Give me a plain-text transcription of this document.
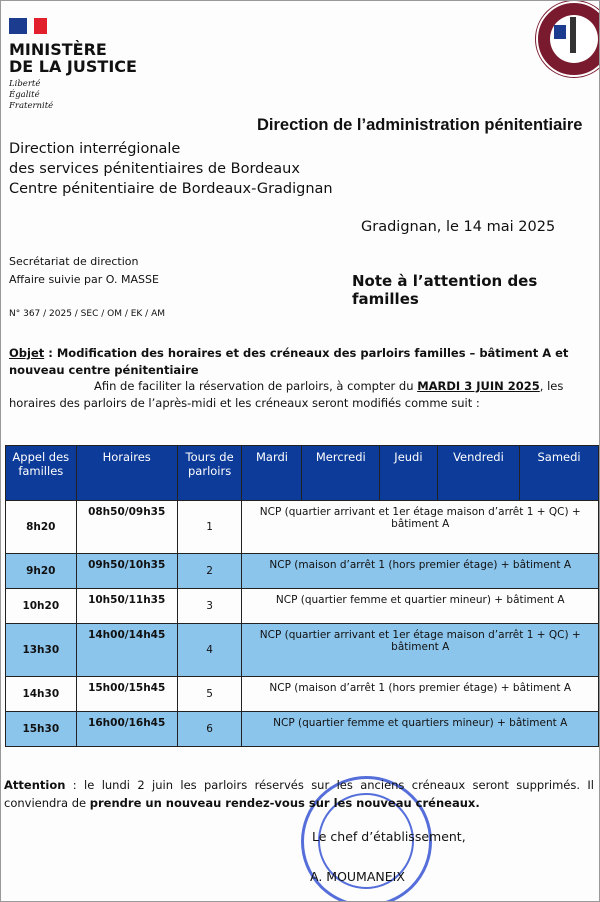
MINISTÈRE
DE LA JUSTICE
Liberté
Égalité
Fraternité
Direction de l’administration pénitentiaire
Direction interrégionale
des services pénitentiaires de Bordeaux
Centre pénitentiaire de Bordeaux-Gradignan
Gradignan, le 14 mai 2025
Secrétariat de direction
Affaire suivie par O. MASSE	Note à l’attention des familles
N° 367 / 2025 / SEC / OM / EK / AM
Objet : Modification des horaires et des créneaux des parloirs familles – bâtiment A et nouveau centre pénitentiaire
Afin de faciliter la réservation de parloirs, à compter du MARDI 3 JUIN 2025, les horaires des parloirs de l’après-midi et les créneaux seront modifiés comme suit :
Appel des familles	Horaires	Tours de parloirs	Mardi	Mercredi	Jeudi	Vendredi	Samedi
8h20	08h50/09h35	1	NCP (quartier arrivant et 1er étage maison d’arrêt 1 + QC) + bâtiment A				
9h20	09h50/10h35	2	NCP (maison d’arrêt 1 (hors premier étage) + bâtiment A				
10h20	10h50/11h35	3	NCP (quartier femme et quartier mineur) + bâtiment A				
13h30	14h00/14h45	4	NCP (quartier arrivant et 1er étage maison d’arrêt 1 + QC) + bâtiment A				
14h30	15h00/15h45	5	NCP (maison d’arrêt 1 (hors premier étage) + bâtiment A				
15h30	16h00/16h45	6	NCP (quartier femme et quartiers mineur) + bâtiment A				
Attention : le lundi 2 juin les parloirs réservés sur les anciens créneaux seront supprimés. Il conviendra de prendre un nouveau rendez-vous sur les nouveau créneaux.
Le chef d’établissement,
A. MOUMANEIX
